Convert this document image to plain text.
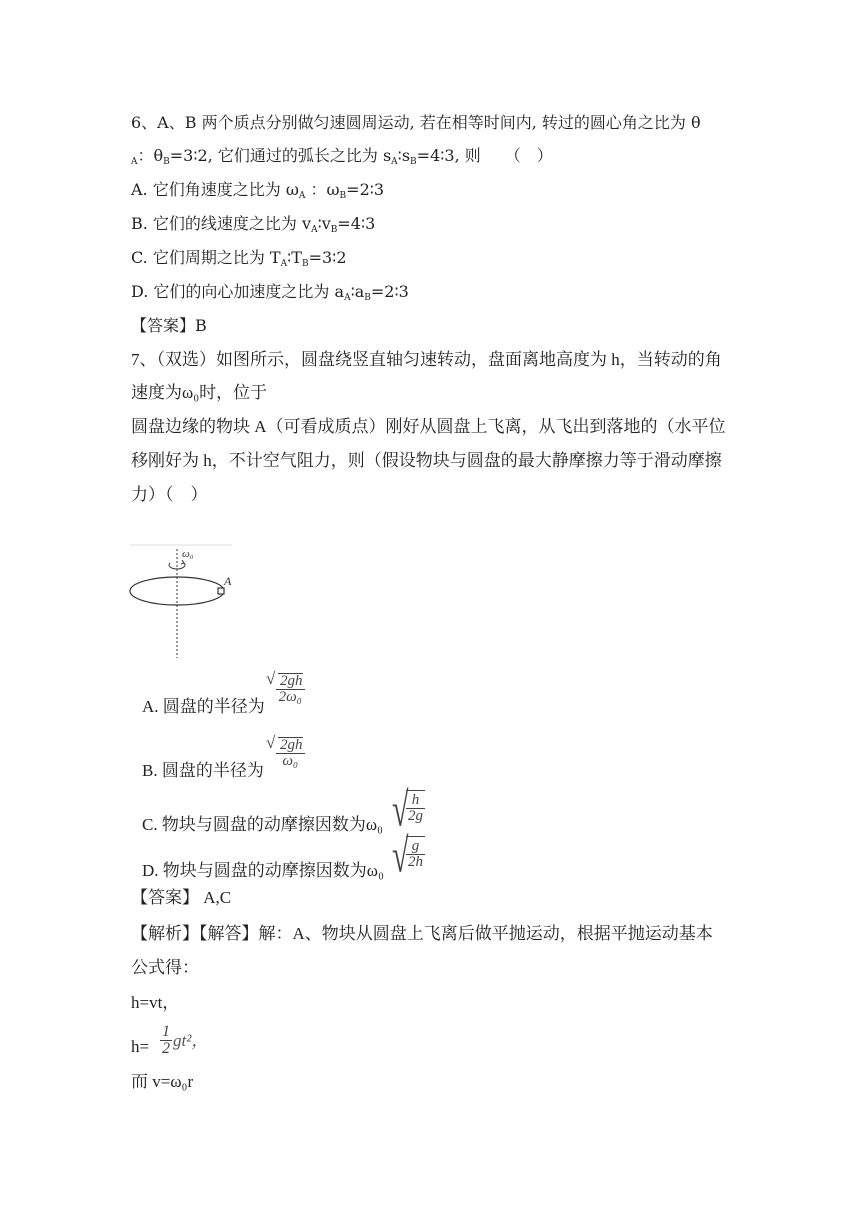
6、A、B 两个质点分别做匀速圆周运动, 若在相等时间内, 转过的圆心角之比为 θ
$_A$：$\theta_B=3∶2$, 它们通过的弧长之比为 $s_A∶s_B=4∶3$, 则　　（　）
A. 它们角速度之比为 $\omega_A$ ：$\omega_B=2∶3$
B. 它们的线速度之比为 $v_A∶v_B=4∶3$
C. 它们周期之比为 $T_A∶T_B=3∶2$
D. 它们的向心加速度之比为 $a_A∶a_B=2∶3$
【答案】B
7、（双选）如图所示，圆盘绕竖直轴匀速转动，盘面离地高度为 h，当转动的角
速度为ω₀时，位于
圆盘边缘的物块 A（可看成质点）刚好从圆盘上飞离，从飞出到落地的（水平位
移刚好为 h，不计空气阻力，则（假设物块与圆盘的最大静摩擦力等于滑动摩擦
力）（　）
ω₀
A
A. 圆盘的半径为
√ $\frac{2gh}{\text{2ω₀}}$
B. 圆盘的半径为
√ $\frac{2gh}{\text{ω₀}}$
C. 物块与圆盘的动摩擦因数为ω₀
√ $\frac{h}{2g}$
D. 物块与圆盘的动摩擦因数为ω₀
√ $\frac{g}{2h}$
【答案】 A,C
【解析】【解答】解：A、物块从圆盘上飞离后做平抛运动，根据平抛运动基本
公式得：
h=vt，
$h= \frac{1}{2} gt^2$，
而 v=ω₀r
